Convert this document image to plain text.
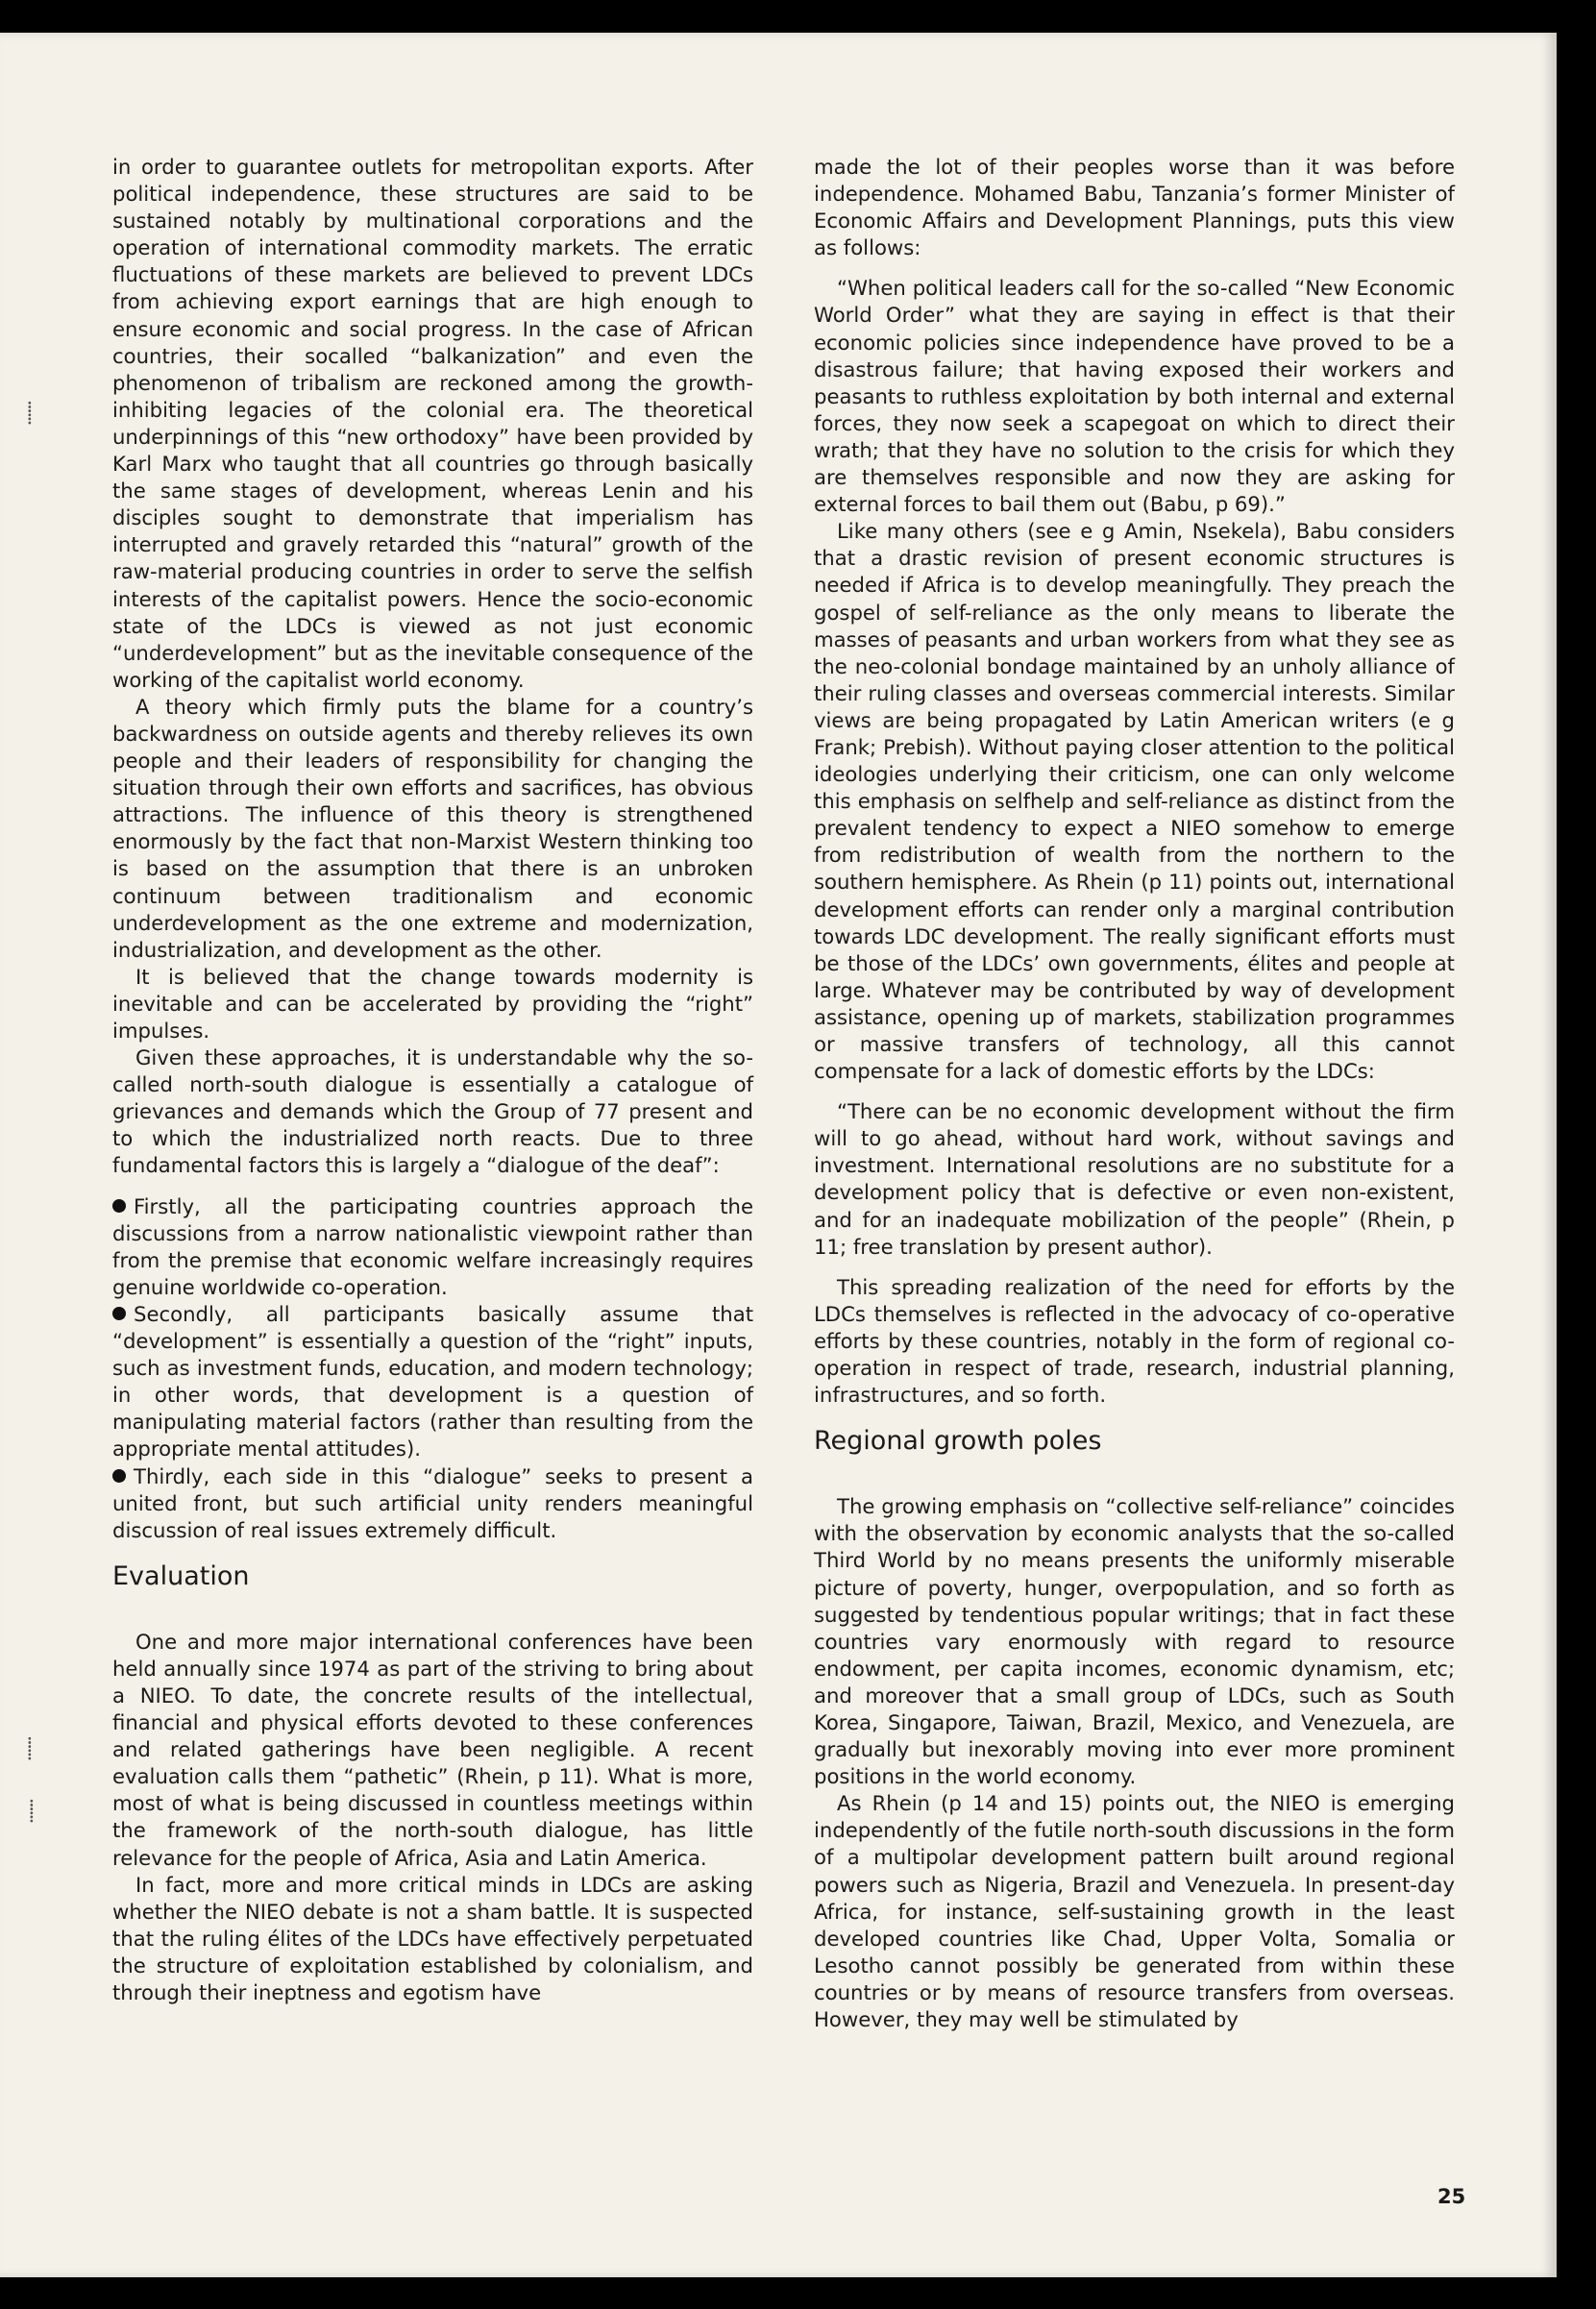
in order to guarantee outlets for metropolitan exports. After political independence, these structures are said to be sustained notably by multinational corporations and the operation of international commodity markets. The erratic fluctuations of these markets are believed to prevent LDCs from achieving export earnings that are high enough to ensure economic and social progress. In the case of African countries, their socalled “balkanization” and even the phenomenon of tribalism are reckoned among the growth-inhibiting legacies of the colonial era. The theoretical underpinnings of this “new orthodoxy” have been provided by Karl Marx who taught that all countries go through basically the same stages of development, whereas Lenin and his disciples sought to demonstrate that imperialism has interrupted and gravely retarded this “natural” growth of the raw-material producing countries in order to serve the selfish interests of the capitalist powers. Hence the socio-economic state of the LDCs is viewed as not just economic “underdevelopment” but as the inevitable consequence of the working of the capitalist world economy.

A theory which firmly puts the blame for a country’s backwardness on outside agents and thereby relieves its own people and their leaders of responsibility for changing the situation through their own efforts and sacrifices, has obvious attractions. The influence of this theory is strengthened enormously by the fact that non-Marxist Western thinking too is based on the assumption that there is an unbroken continuum between traditionalism and economic underdevelopment as the one extreme and modernization, industrialization, and development as the other.

It is believed that the change towards modernity is inevitable and can be accelerated by providing the “right” impulses.

Given these approaches, it is understandable why the so-called north-south dialogue is essentially a catalogue of grievances and demands which the Group of 77 present and to which the industrialized north reacts. Due to three fundamental factors this is largely a “dialogue of the deaf”:

Firstly, all the participating countries approach the discussions from a narrow nationalistic viewpoint rather than from the premise that economic welfare increasingly requires genuine worldwide co-operation.

Secondly, all participants basically assume that “development” is essentially a question of the “right” inputs, such as investment funds, education, and modern technology; in other words, that development is a question of manipulating material factors (rather than resulting from the appropriate mental attitudes).

Thirdly, each side in this “dialogue” seeks to present a united front, but such artificial unity renders meaningful discussion of real issues extremely difficult.

Evaluation

One and more major international conferences have been held annually since 1974 as part of the striving to bring about a NIEO. To date, the concrete results of the intellectual, financial and physical efforts devoted to these conferences and related gatherings have been negligible. A recent evaluation calls them “pathetic” (Rhein, p 11). What is more, most of what is being discussed in countless meetings within the framework of the north-south dialogue, has little relevance for the people of Africa, Asia and Latin America.

In fact, more and more critical minds in LDCs are asking whether the NIEO debate is not a sham battle. It is suspected that the ruling élites of the LDCs have effectively perpetuated the structure of exploitation established by colonialism, and through their ineptness and egotism have

made the lot of their peoples worse than it was before independence. Mohamed Babu, Tanzania’s former Minister of Economic Affairs and Development Plannings, puts this view as follows:

“When political leaders call for the so-called “New Economic World Order” what they are saying in effect is that their economic policies since independence have proved to be a disastrous failure; that having exposed their workers and peasants to ruthless exploitation by both internal and external forces, they now seek a scapegoat on which to direct their wrath; that they have no solution to the crisis for which they are themselves responsible and now they are asking for external forces to bail them out (Babu, p 69).”

Like many others (see e g Amin, Nsekela), Babu considers that a drastic revision of present economic structures is needed if Africa is to develop meaningfully. They preach the gospel of self-reliance as the only means to liberate the masses of peasants and urban workers from what they see as the neo-colonial bondage maintained by an unholy alliance of their ruling classes and overseas commercial interests. Similar views are being propagated by Latin American writers (e g Frank; Prebish). Without paying closer attention to the political ideologies underlying their criticism, one can only welcome this emphasis on selfhelp and self-reliance as distinct from the prevalent tendency to expect a NIEO somehow to emerge from redistribution of wealth from the northern to the southern hemisphere. As Rhein (p 11) points out, international development efforts can render only a marginal contribution towards LDC development. The really significant efforts must be those of the LDCs’ own governments, élites and people at large. Whatever may be contributed by way of development assistance, opening up of markets, stabilization programmes or massive transfers of technology, all this cannot compensate for a lack of domestic efforts by the LDCs:

“There can be no economic development without the firm will to go ahead, without hard work, without savings and investment. International resolutions are no substitute for a development policy that is defective or even non-existent, and for an inadequate mobilization of the people” (Rhein, p 11; free translation by present author).

This spreading realization of the need for efforts by the LDCs themselves is reflected in the advocacy of co-operative efforts by these countries, notably in the form of regional co-operation in respect of trade, research, industrial planning, infrastructures, and so forth.

Regional growth poles

The growing emphasis on “collective self-reliance” coincides with the observation by economic analysts that the so-called Third World by no means presents the uniformly miserable picture of poverty, hunger, overpopulation, and so forth as suggested by tendentious popular writings; that in fact these countries vary enormously with regard to resource endowment, per capita incomes, economic dynamism, etc; and moreover that a small group of LDCs, such as South Korea, Singapore, Taiwan, Brazil, Mexico, and Venezuela, are gradually but inexorably moving into ever more prominent positions in the world economy.

As Rhein (p 14 and 15) points out, the NIEO is emerging independently of the futile north-south discussions in the form of a multipolar development pattern built around regional powers such as Nigeria, Brazil and Venezuela. In present-day Africa, for instance, self-sustaining growth in the least developed countries like Chad, Upper Volta, Somalia or Lesotho cannot possibly be generated from within these countries or by means of resource transfers from overseas. However, they may well be stimulated by

25
⸽
⸽
⸽
